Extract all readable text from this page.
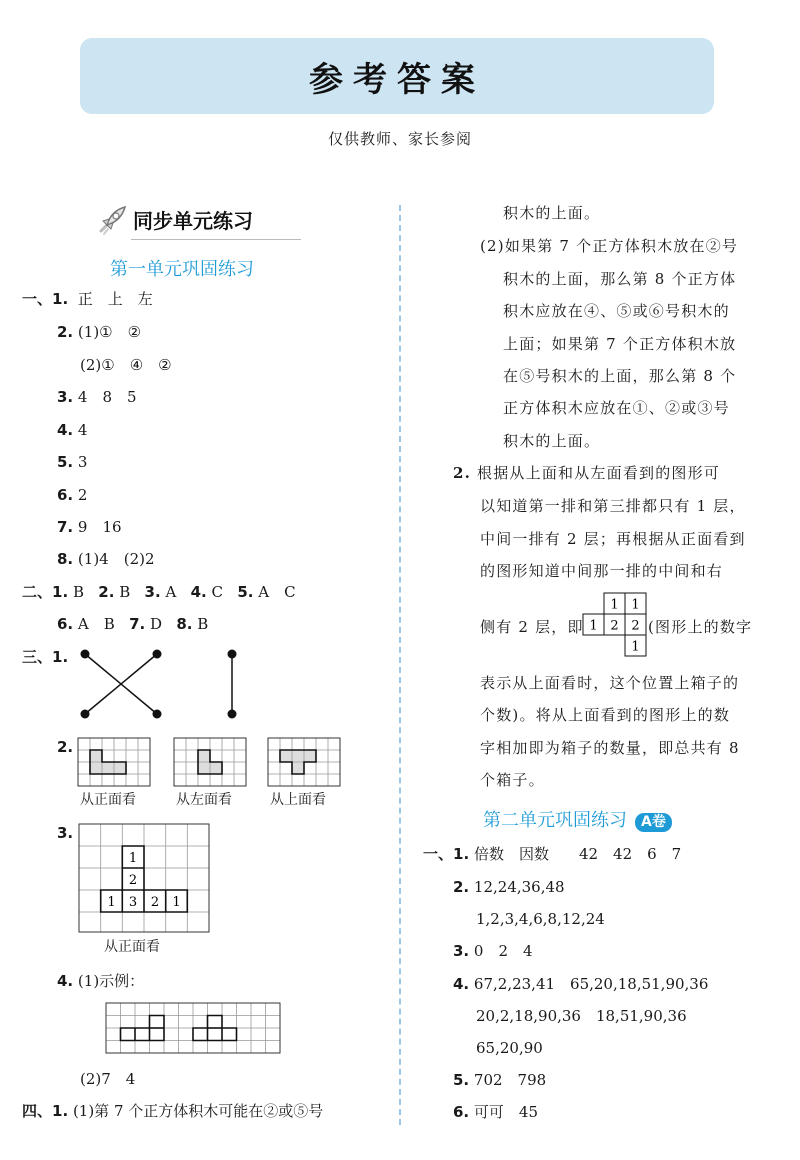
参考答案
仅供教师、家长参阅
同步单元练习
第一单元巩固练习
一、1. 正　上　左
2. (1)①　②
(2)①　④　②
3. 4　8　5
4. 4
5. 3
6. 2
7. 9　16
8. (1)4　(2)2
二、1. B 2. B 3. A 4. C 5. A　C
6. A　B 7. D 8. B
三、1.
2.
从正面看	从左面看	从上面看
3.
1
2
1 3 2 1
从正面看
4. (1)示例：
(2)7　4
四、1. (1)第 7 个正方体积木可能在②或⑤号
积木的上面。
(2)如果第 7 个正方体积木放在②号
积木的上面，那么第 8 个正方体
积木应放在④、⑤或⑥号积木的
上面；如果第 7 个正方体积木放
在⑤号积木的上面，那么第 8 个
正方体积木应放在①、②或③号
积木的上面。
2. 根据从上面和从左面看到的图形可
以知道第一排和第三排都只有 1 层，
中间一排有 2 层；再根据从正面看到
的图形知道中间那一排的中间和右
侧有 2 层，即
1 1
1 2 2
1
(图形上的数字
表示从上面看时，这个位置上箱子的
个数)。将从上面看到的图形上的数
字相加即为箱子的数量，即总共有 8
个箱子。
第二单元巩固练习 A卷
一、1. 倍数　因数　　42　42　6　7
2. 12,24,36,48
1,2,3,4,6,8,12,24
3. 0　2　4
4. 67,2,23,41　65,20,18,51,90,36
20,2,18,90,36　18,51,90,36
65,20,90
5. 702　798
6. 可可　45
